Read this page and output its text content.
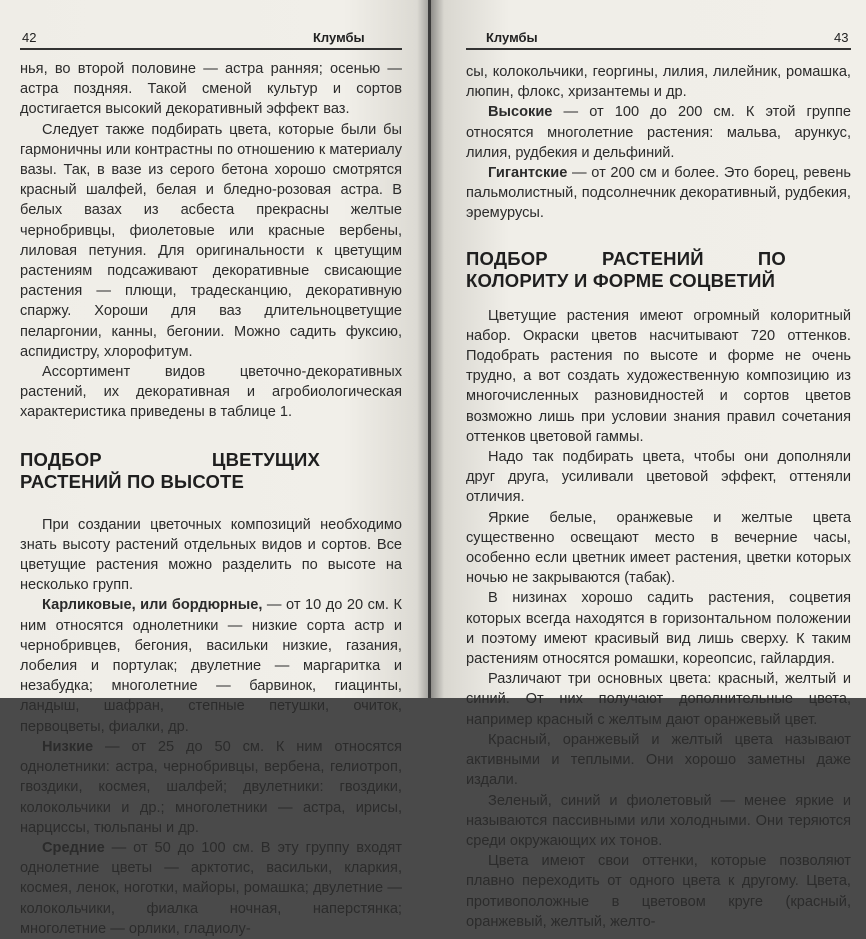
42	Клумбы

нья, во второй половине — астра ранняя; осенью — астра поздняя. Такой сменой культур и сортов достигается высокий декоративный эффект ваз.

Следует также подбирать цвета, которые были бы гармоничны или контрастны по отношению к материалу вазы. Так, в вазе из серого бетона хорошо смотрятся красный шалфей, белая и бледно-розовая астра. В белых вазах из асбеста прекрасны желтые чернобривцы, фиолетовые или красные вербены, лиловая петуния. Для оригинальности к цветущим растениям подсаживают декоративные свисающие растения — плющи, традесканцию, декоративную спаржу. Хороши для ваз длительноцветущие пеларгонии, канны, бегонии. Можно садить фуксию, аспидистру, хлорофитум.

Ассортимент видов цветочно-декоративных растений, их декоративная и агробиологическая характеристика приведены в таблице 1.

ПОДБОР ЦВЕТУЩИХ РАСТЕНИЙ ПО ВЫСОТЕ

При создании цветочных композиций необходимо знать высоту растений отдельных видов и сортов. Все цветущие растения можно разделить по высоте на несколько групп.

Карликовые, или бордюрные, — от 10 до 20 см. К ним относятся однолетники — низкие сорта астр и чернобривцев, бегония, васильки низкие, газания, лобелия и портулак; двулетние — маргаритка и незабудка; многолетние — барвинок, гиацинты, ландыш, шафран, степные петушки, очиток, первоцветы, фиалки, др.

Низкие — от 25 до 50 см. К ним относятся однолетники: астра, чернобривцы, вербена, гелиотроп, гвоздики, космея, шалфей; двулетники: гвоздики, колокольчики и др.; многолетники — астра, ирисы, нарциссы, тюльпаны и др.

Средние — от 50 до 100 см. В эту группу входят однолетние цветы — арктотис, васильки, кларкия, космея, ленок, ноготки, майоры, ромашка; двулетние — колокольчики, фиалка ночная, наперстянка; многолетние — орлики, гладиолу-

Клумбы	43

сы, колокольчики, георгины, лилия, лилейник, ромашка, люпин, флокс, хризантемы и др.

Высокие — от 100 до 200 см. К этой группе относятся многолетние растения: мальва, арункус, лилия, рудбекия и дельфиний.

Гигантские — от 200 см и более. Это борец, ревень пальмолистный, подсолнечник декоративный, рудбекия, эремурусы.

ПОДБОР РАСТЕНИЙ ПО КОЛОРИТУ И ФОРМЕ СОЦВЕТИЙ

Цветущие растения имеют огромный колоритный набор. Окраски цветов насчитывают 720 оттенков. Подобрать растения по высоте и форме не очень трудно, а вот создать художественную композицию из многочисленных разновидностей и сортов цветов возможно лишь при условии знания правил сочетания оттенков цветовой гаммы.

Надо так подбирать цвета, чтобы они дополняли друг друга, усиливали цветовой эффект, оттеняли отличия.

Яркие белые, оранжевые и желтые цвета существенно освещают место в вечерние часы, особенно если цветник имеет растения, цветки которых ночью не закрываются (табак).

В низинах хорошо садить растения, соцветия которых всегда находятся в горизонтальном положении и поэтому имеют красивый вид лишь сверху. К таким растениям относятся ромашки, кореопсис, гайлардия.

Различают три основных цвета: красный, желтый и синий. От них получают дополнительные цвета, например красный с желтым дают оранжевый цвет.

Красный, оранжевый и желтый цвета называют активными и теплыми. Они хорошо заметны даже издали.

Зеленый, синий и фиолетовый — менее яркие и называются пассивными или холодными. Они теряются среди окружающих их тонов.

Цвета имеют свои оттенки, которые позволяют плавно переходить от одного цвета к другому. Цвета, противоположные в цветовом круге (красный, оранжевый, желтый, желто-
